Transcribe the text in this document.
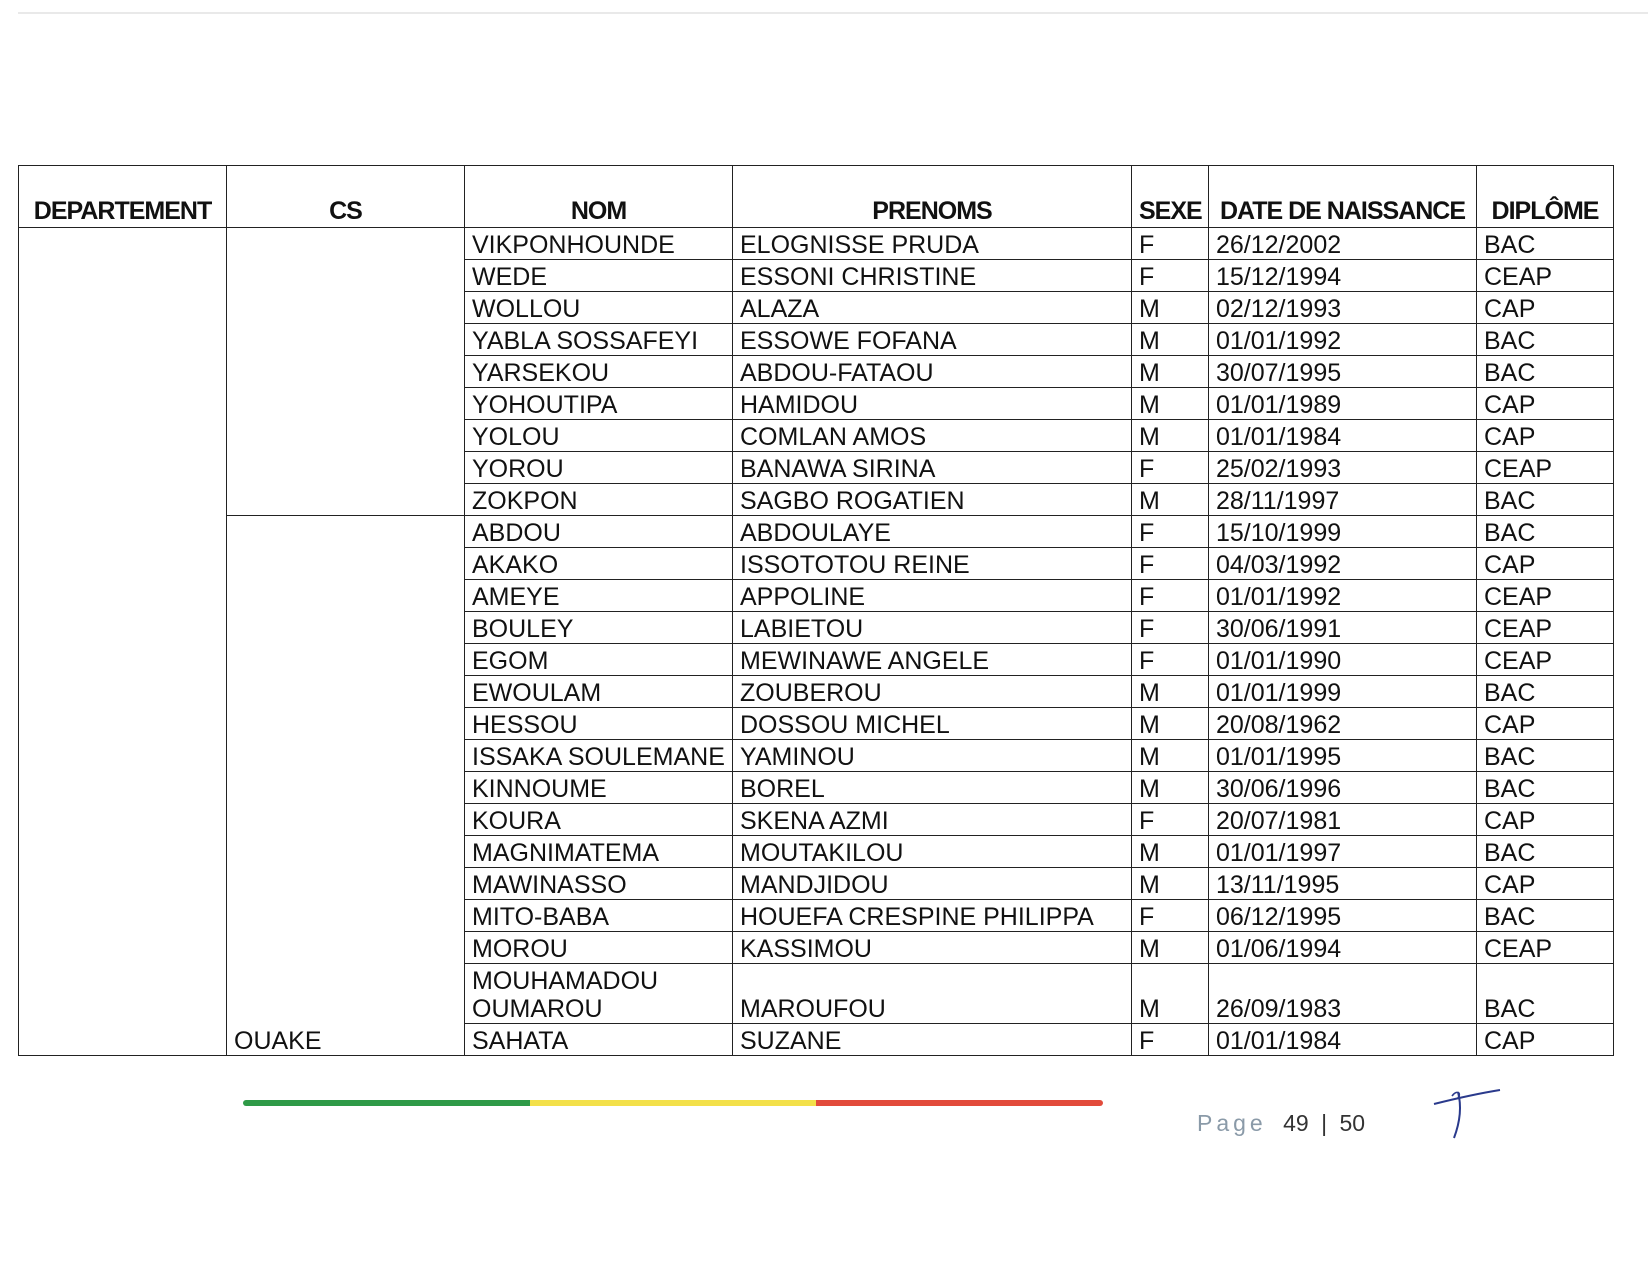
DEPARTEMENT	CS	NOM	PRENOMS	SEXE	DATE DE NAISSANCE	DIPLÔME
		VIKPONHOUNDE	ELOGNISSE PRUDA	F	26/12/2002	BAC
		WEDE	ESSONI CHRISTINE	F	15/12/1994	CEAP
		WOLLOU	ALAZA	M	02/12/1993	CAP
		YABLA SOSSAFEYI	ESSOWE FOFANA	M	01/01/1992	BAC
		YARSEKOU	ABDOU-FATAOU	M	30/07/1995	BAC
		YOHOUTIPA	HAMIDOU	M	01/01/1989	CAP
		YOLOU	COMLAN AMOS	M	01/01/1984	CAP
		YOROU	BANAWA SIRINA	F	25/02/1993	CEAP
		ZOKPON	SAGBO ROGATIEN	M	28/11/1997	BAC
	OUAKE	ABDOU	ABDOULAYE	F	15/10/1999	BAC
		AKAKO	ISSOTOTOU REINE	F	04/03/1992	CAP
		AMEYE	APPOLINE	F	01/01/1992	CEAP
		BOULEY	LABIETOU	F	30/06/1991	CEAP
		EGOM	MEWINAWE ANGELE	F	01/01/1990	CEAP
		EWOULAM	ZOUBEROU	M	01/01/1999	BAC
		HESSOU	DOSSOU MICHEL	M	20/08/1962	CAP
		ISSAKA SOULEMANE	YAMINOU	M	01/01/1995	BAC
		KINNOUME	BOREL	M	30/06/1996	BAC
		KOURA	SKENA AZMI	F	20/07/1981	CAP
		MAGNIMATEMA	MOUTAKILOU	M	01/01/1997	BAC
		MAWINASSO	MANDJIDOU	M	13/11/1995	CAP
		MITO-BABA	HOUEFA CRESPINE PHILIPPA	F	06/12/1995	BAC
		MOROU	KASSIMOU	M	01/06/1994	CEAP
		MOUHAMADOU OUMAROU	MAROUFOU	M	26/09/1983	BAC
		SAHATA	SUZANE	F	01/01/1984	CAP
Page 49 | 50
